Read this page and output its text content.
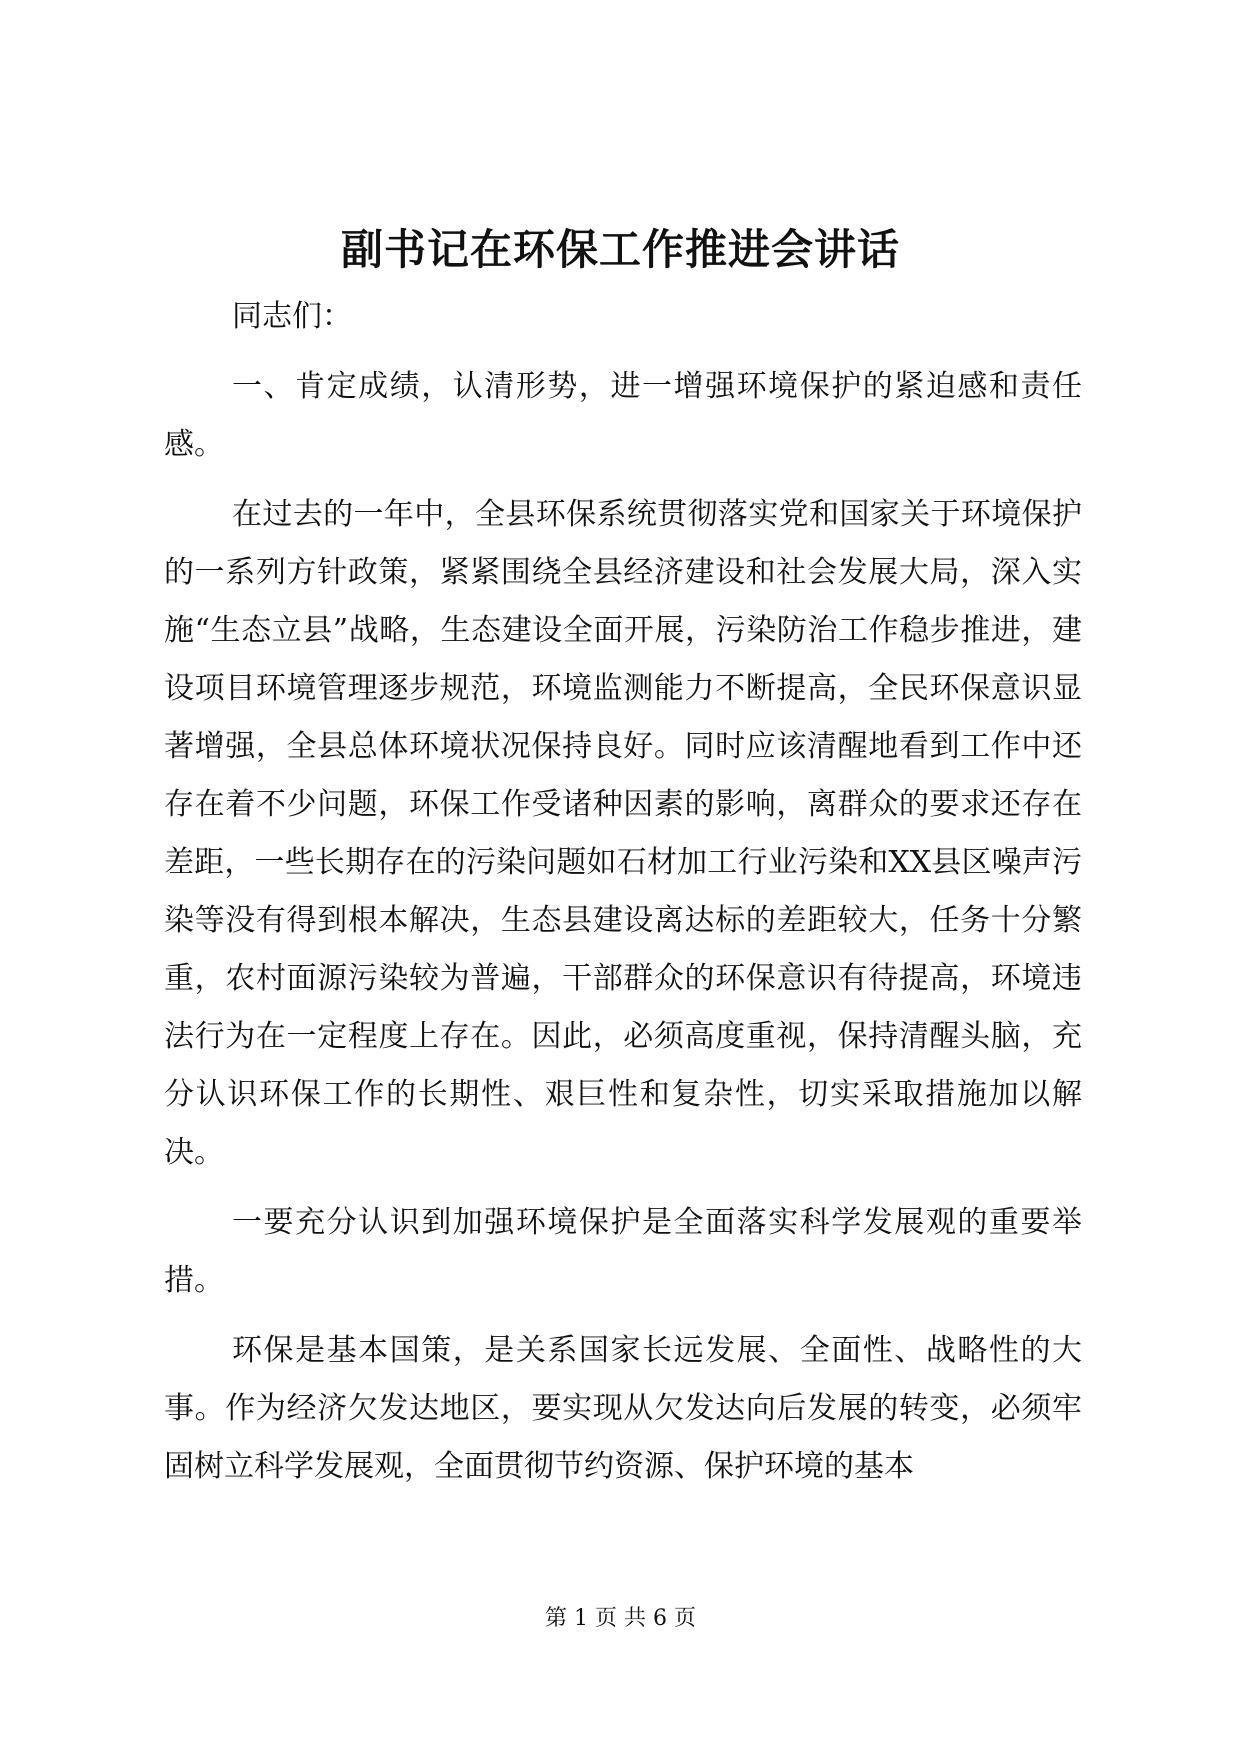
副书记在环保工作推进会讲话

同志们：

一、肯定成绩，认清形势，进一增强环境保护的紧迫感和责任感。

在过去的一年中，全县环保系统贯彻落实党和国家关于环境保护的一系列方针政策，紧紧围绕全县经济建设和社会发展大局，深入实施“生态立县”战略，生态建设全面开展，污染防治工作稳步推进，建设项目环境管理逐步规范，环境监测能力不断提高，全民环保意识显著增强，全县总体环境状况保持良好。同时应该清醒地看到工作中还存在着不少问题，环保工作受诸种因素的影响，离群众的要求还存在差距，一些长期存在的污染问题如石材加工行业污染和XX县区噪声污染等没有得到根本解决，生态县建设离达标的差距较大，任务十分繁重，农村面源污染较为普遍，干部群众的环保意识有待提高，环境违法行为在一定程度上存在。因此，必须高度重视，保持清醒头脑，充分认识环保工作的长期性、艰巨性和复杂性，切实采取措施加以解决。

一要充分认识到加强环境保护是全面落实科学发展观的重要举措。

环保是基本国策，是关系国家长远发展、全面性、战略性的大事。作为经济欠发达地区，要实现从欠发达向后发展的转变，必须牢固树立科学发展观，全面贯彻节约资源、保护环境的基本

第 1 页 共 6 页
